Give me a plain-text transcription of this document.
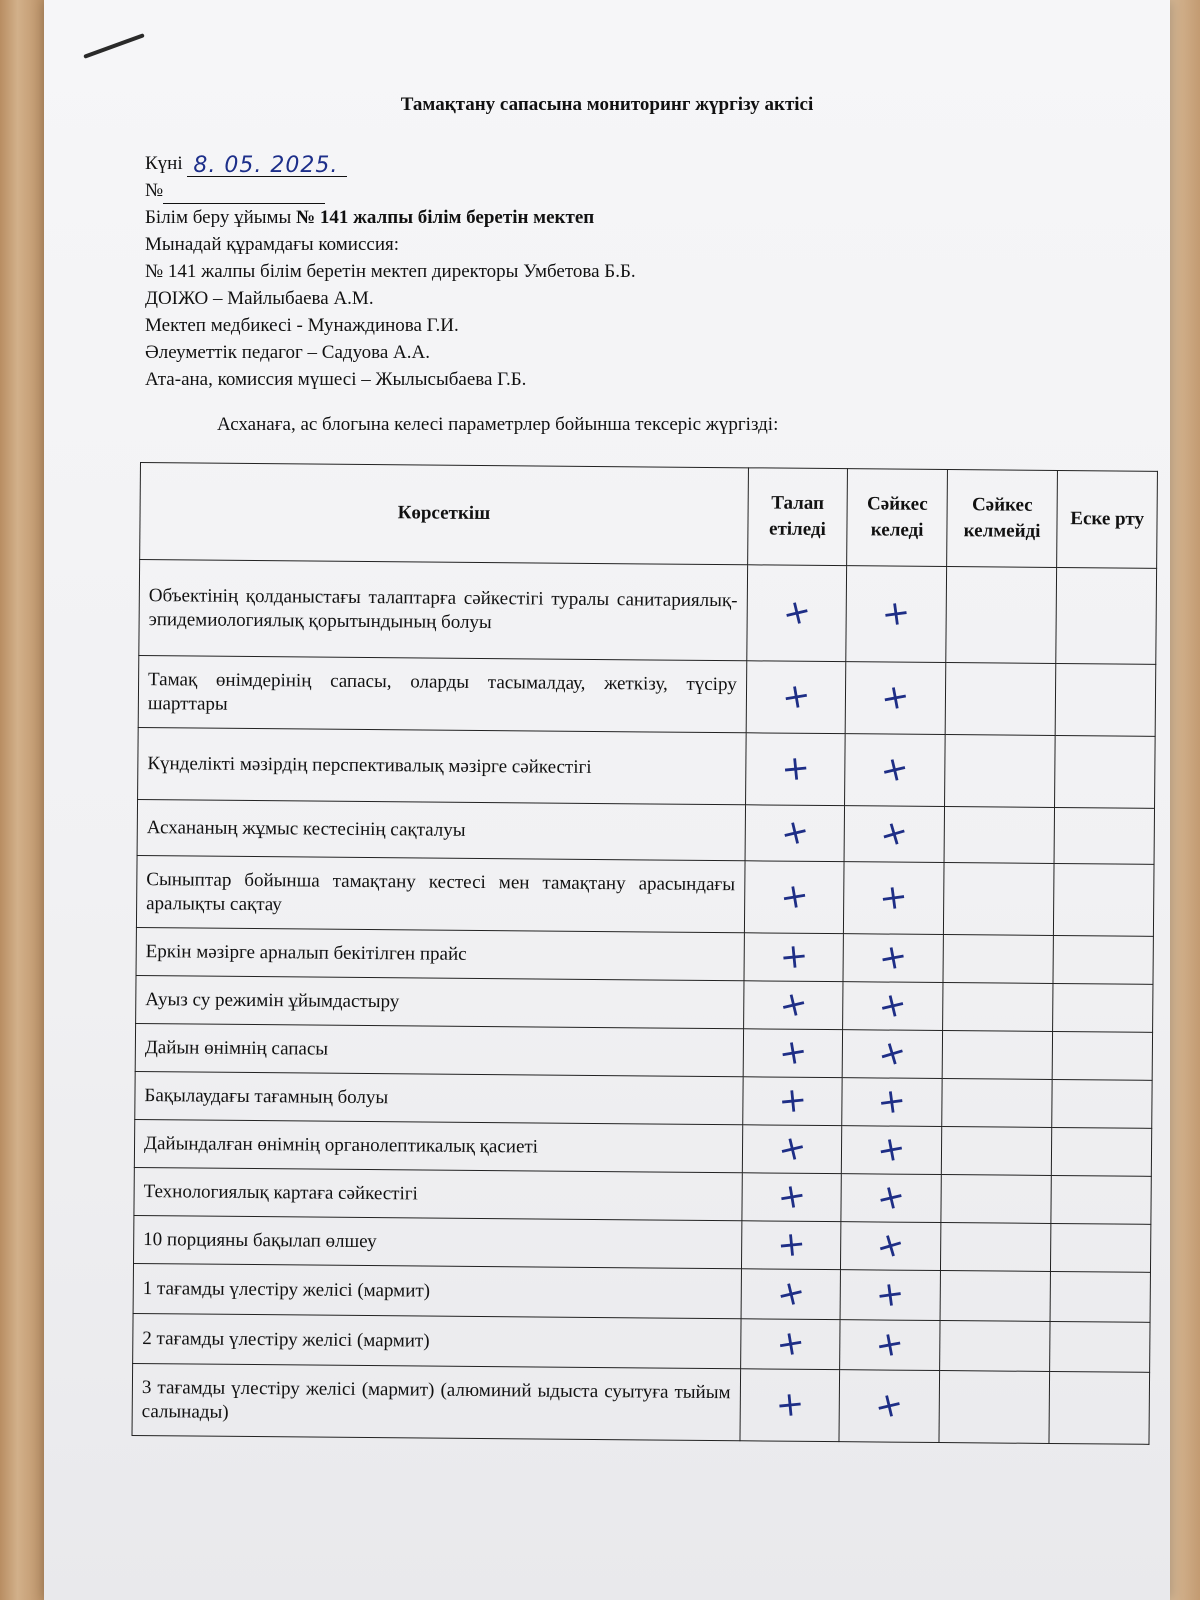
Тамақтану сапасына мониторинг жүргізу актісі
Күні 8. 05. 2025.
№
Білім беру ұйымы № 141 жалпы білім беретін мектеп
Мынадай құрамдағы комиссия:
№ 141 жалпы білім беретін мектеп директоры Умбетова Б.Б.
ДОІЖО – Майлыбаева А.М.
Мектеп медбикесі - Мунаждинова Г.И.
Әлеуметтік педагог – Садуова А.А.
Ата-ана, комиссия мүшесі – Жылысыбаева Г.Б.
Асханаға, ас блогына келесі параметрлер бойынша тексеріс жүргізді:
Көрсеткіш	Талап етіледі	Сәйкес келеді	Сәйкес келмейді	Еске рту
Объектінің қолданыстағы талаптарға сәйкестігі туралы санитариялық-эпидемиологиялық қорытындының болуы	+	+		
Тамақ өнімдерінің сапасы, оларды тасымалдау, жеткізу, түсіру шарттары	+	+		
Күнделікті мәзірдің перспективалық мәзірге сәйкестігі	+	+		
Асхананың жұмыс кестесінің сақталуы	+	+		
Сыныптар бойынша тамақтану кестесі мен тамақтану арасындағы аралықты сақтау	+	+		
Еркін мәзірге арналып бекітілген прайс	+	+		
Ауыз су режимін ұйымдастыру	+	+		
Дайын өнімнің сапасы	+	+		
Бақылаудағы тағамның болуы	+	+		
Дайындалған өнімнің органолептикалық қасиеті	+	+		
Технологиялық картаға сәйкестігі	+	+		
10 порцияны бақылап өлшеу	+	+		
1 тағамды үлестіру желісі (мармит)	+	+		
2 тағамды үлестіру желісі (мармит)	+	+		
3 тағамды үлестіру желісі (мармит) (алюминий ыдыста суытуға тыйым салынады)	+	+		
